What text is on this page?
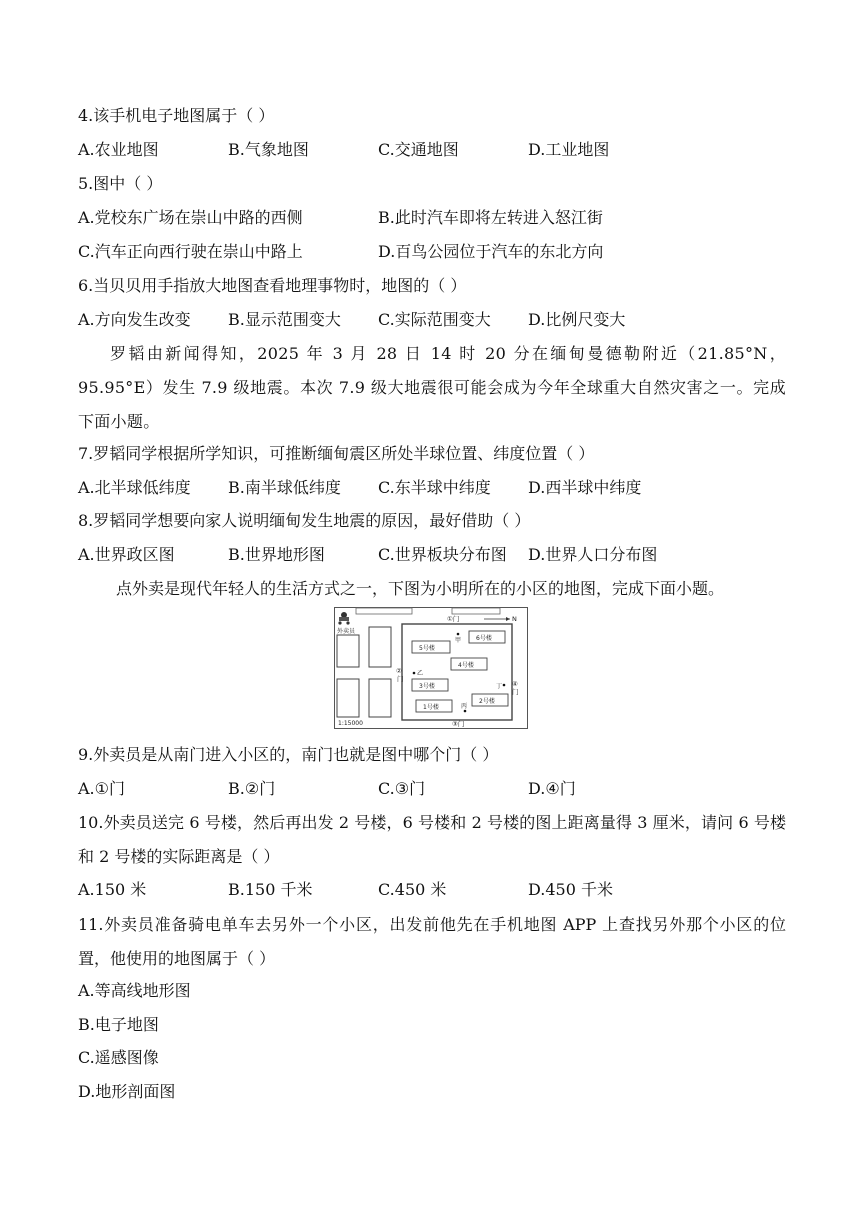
4.该手机电子地图属于（ ）
A.农业地图	B.气象地图	C.交通地图	D.工业地图
5.图中（ ）
A.党校东广场在崇山中路的西侧	B.此时汽车即将左转进入怒江街
C.汽车正向西行驶在崇山中路上	D.百鸟公园位于汽车的东北方向
6.当贝贝用手指放大地图查看地理事物时，地图的（ ）
A.方向发生改变 B.显示范围变大 C.实际范围变大 D.比例尺变大
罗韬由新闻得知，2025 年 3 月 28 日 14 时 20 分在缅甸曼德勒附近（21.85°N，95.95°E）发生 7.9 级地震。本次 7.9 级大地震很可能会成为今年全球重大自然灾害之一。完成下面小题。
7.罗韬同学根据所学知识，可推断缅甸震区所处半球位置、纬度位置（ ）
A.北半球低纬度 B.南半球低纬度 C.东半球中纬度 D.西半球中纬度
8.罗韬同学想要向家人说明缅甸发生地震的原因，最好借助（ ）
A.世界政区图	B.世界地形图	C.世界板块分布图 D.世界人口分布图
点外卖是现代年轻人的生活方式之一，下图为小明所在的小区的地图，完成下面小题。
外卖员
①门
②
门
③门
④
门
N
5号楼
6号楼
4号楼
3号楼
1号楼
2号楼
甲
乙
丙
丁
1:15000
9.外卖员是从南门进入小区的，南门也就是图中哪个门（ ）
A.①门	B.②门	C.③门	D.④门
10.外卖员送完 6 号楼，然后再出发 2 号楼，6 号楼和 2 号楼的图上距离量得 3 厘米，请问 6 号楼和 2 号楼的实际距离是（ ）
A.150 米	B.150 千米	C.450 米	D.450 千米
11.外卖员准备骑电单车去另外一个小区，出发前他先在手机地图 APP 上查找另外那个小区的位置，他使用的地图属于（ ）
A.等高线地形图
B.电子地图
C.遥感图像
D.地形剖面图
